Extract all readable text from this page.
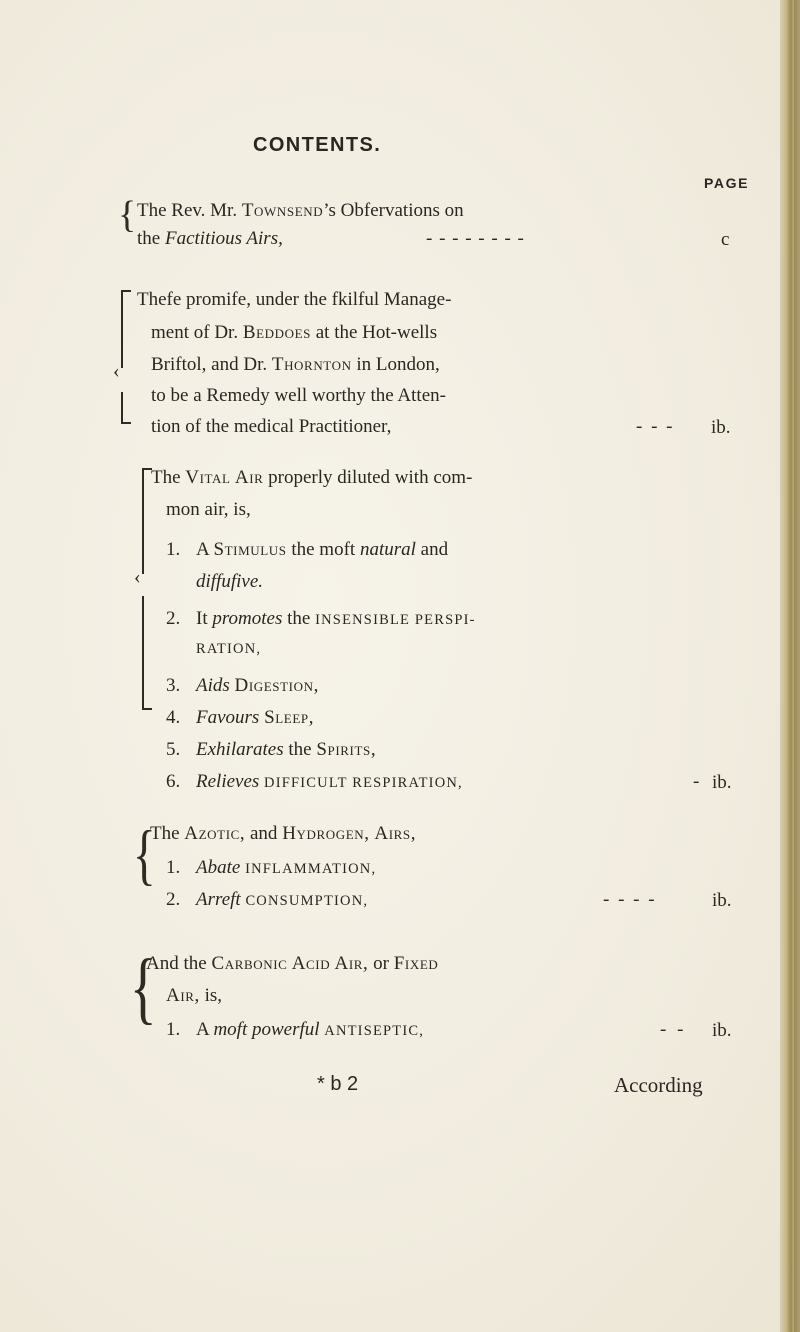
CONTENTS.
PAGE
{ The Rev. Mr. Townsend’s Obfervations on
the Factitious Airs,	- - - - - - - -	c
‹
Thefe promife, under the fkilful Manage-
ment of Dr. Beddoes at the Hot-wells
Briftol, and Dr. Thornton in London,
to be a Remedy well worthy the Atten-
tion of the medical Practitioner,	- - - ib.
‹
The Vital Air properly diluted with com-
mon air, is,
1. A Stimulus the moft natural and
diffufive.
2. It promotes the INSENSIBLE PERSPI-
RATION,
3. Aids Digestion,
4. Favours Sleep,
5. Exhilarates the Spirits,
6. Relieves DIFFICULT RESPIRATION,	- ib.
{
The Azotic, and Hydrogen, Airs,
1. Abate INFLAMMATION,
2. Arreft CONSUMPTION,	- - - -	ib.
{
And the Carbonic Acid Air, or Fixed
Air, is,
1. A moft powerful ANTISEPTIC,	- - ib.
* b 2	According
